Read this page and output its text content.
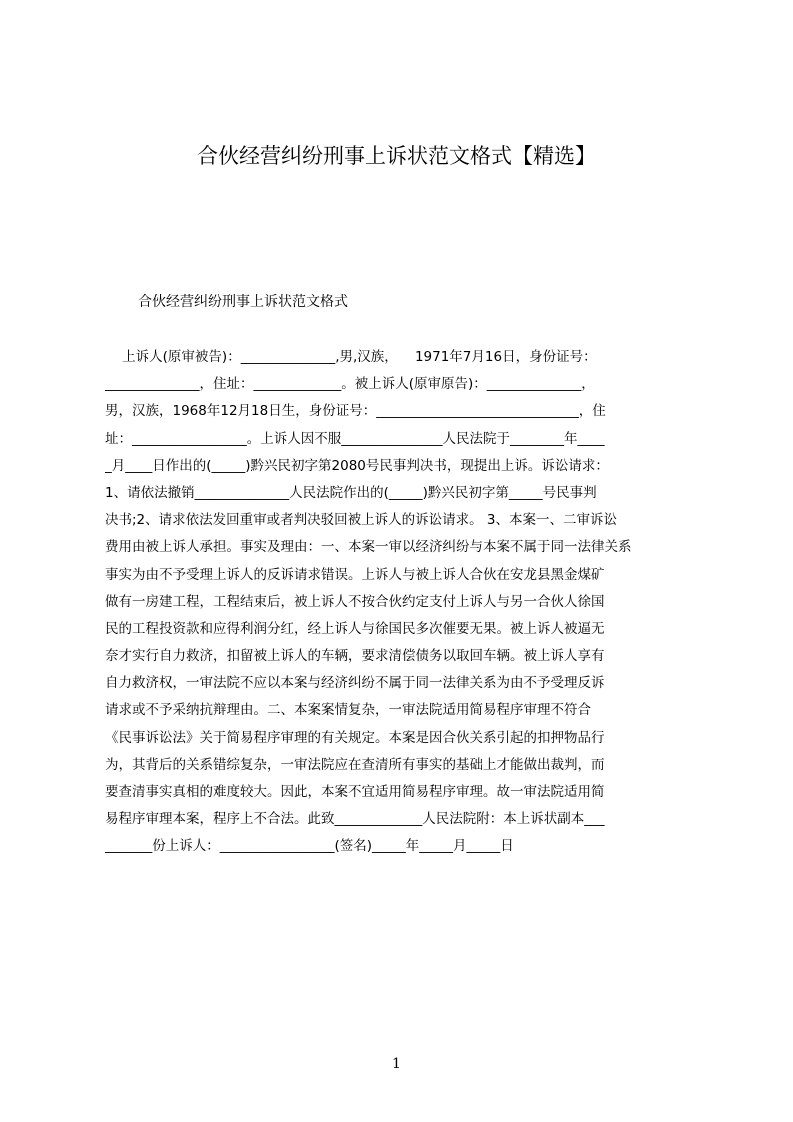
合伙经营纠纷刑事上诉状范文格式【精选】
合伙经营纠纷刑事上诉状范文格式
上诉人(原审被告)：______________,男,汉族，    1971年7月16日，身份证号：
______________，住址：_____________。被上诉人(原审原告)：______________，
男，汉族，1968年12月18日生，身份证号：______________________________，住
址：_________________。上诉人因不服_______________人民法院于________年____
_月____日作出的(_____)黔兴民初字第2080号民事判决书，现提出上诉。诉讼请求：
1、请依法撤销______________人民法院作出的(_____)黔兴民初字第_____号民事判
决书;2、请求依法发回重审或者判决驳回被上诉人的诉讼请求。 3、本案一、二审诉讼
费用由被上诉人承担。事实及理由：一、本案一审以经济纠纷与本案不属于同一法律关系
事实为由不予受理上诉人的反诉请求错误。上诉人与被上诉人合伙在安龙县黑金煤矿
做有一房建工程，工程结束后，被上诉人不按合伙约定支付上诉人与另一合伙人徐国
民的工程投资款和应得利润分红，经上诉人与徐国民多次催要无果。被上诉人被逼无
奈才实行自力救济，扣留被上诉人的车辆，要求清偿债务以取回车辆。被上诉人享有
自力救济权，一审法院不应以本案与经济纠纷不属于同一法律关系为由不予受理反诉
请求或不予采纳抗辩理由。二、本案案情复杂，一审法院适用简易程序审理不符合
《民事诉讼法》关于简易程序审理的有关规定。本案是因合伙关系引起的扣押物品行
为，其背后的关系错综复杂，一审法院应在查清所有事实的基础上才能做出裁判，而
要查清事实真相的难度较大。因此，本案不宜适用简易程序审理。故一审法院适用简
易程序审理本案，程序上不合法。此致_____________人民法院附：本上诉状副本___
_______份上诉人：_________________(签名)_____年_____月_____日
1
